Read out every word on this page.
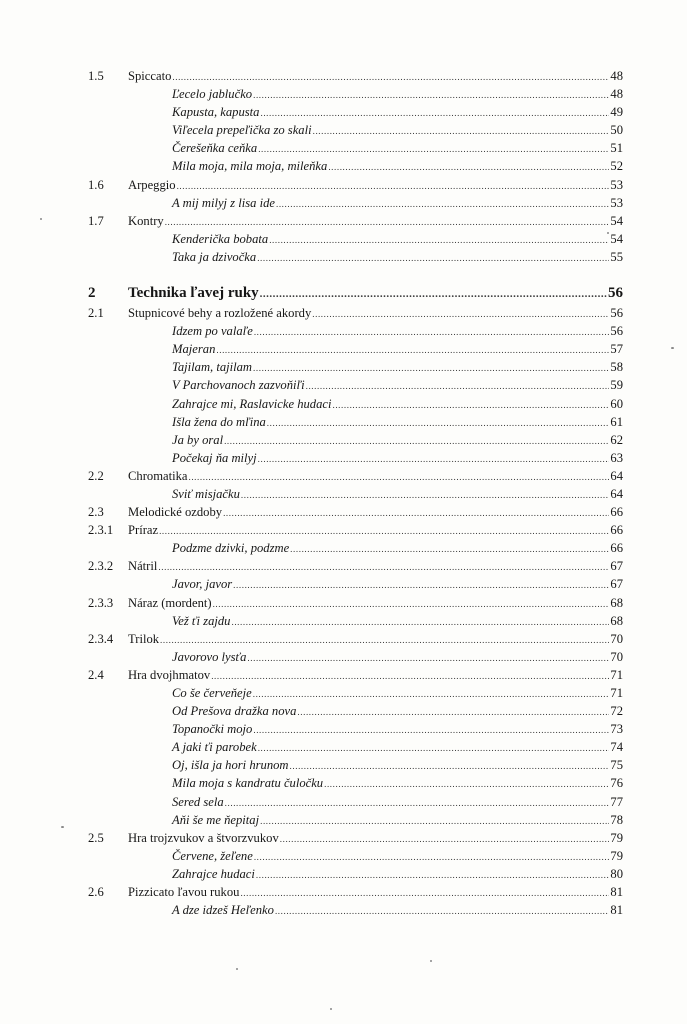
1.5 Spiccato .....	48
Ľecelo jablučko .....	48
Kapusta, kapusta .....	49
Viľecela prepeľička zo skali .....	50
Čerešeňka ceňka .....	51
Mila moja, mila moja, mileňka .....	52
1.6 Arpeggio .....	53
A mij milyj z lisa ide .....	53
1.7 Kontry .....	54
Kenderička bobata .....	54
Taka ja dzivočka .....	55
2 Technika ľavej ruky .....	56
2.1 Stupnicové behy a rozložené akordy .....	56
Idzem po valaľe .....	56
Majeran .....	57
Tajilam, tajilam .....	58
V Parchovanoch zazvoňiľi .....	59
Zahrajce mi, Raslavicke hudaci .....	60
Išla žena do mľina .....	61
Ja by oral .....	62
Počekaj ňa milyj .....	63
2.2 Chromatika .....	64
Sviť misjačku .....	64
2.3 Melodické ozdoby .....	66
2.3.1 Príraz .....	66
Podzme dzivki, podzme .....	66
2.3.2 Nátril .....	67
Javor, javor .....	67
2.3.3 Náraz (mordent) .....	68
Vež ťi zajdu .....	68
2.3.4 Trilok .....	70
Javorovo lysťa .....	70
2.4 Hra dvojhmatov .....	71
Co še červeňeje .....	71
Od Prešova dražka nova .....	72
Topanočki mojo .....	73
A jaki ťi parobek .....	74
Oj, išla ja hori hrunom .....	75
Mila moja s kandratu čuločku .....	76
Sered sela .....	77
Aňi še me ňepitaj .....	78
2.5 Hra trojzvukov a štvorzvukov .....	79
Červene, žeľene .....	79
Zahrajce hudaci .....	80
2.6 Pizzicato ľavou rukou .....	81
A dze idzeš Heľenko .....	81
